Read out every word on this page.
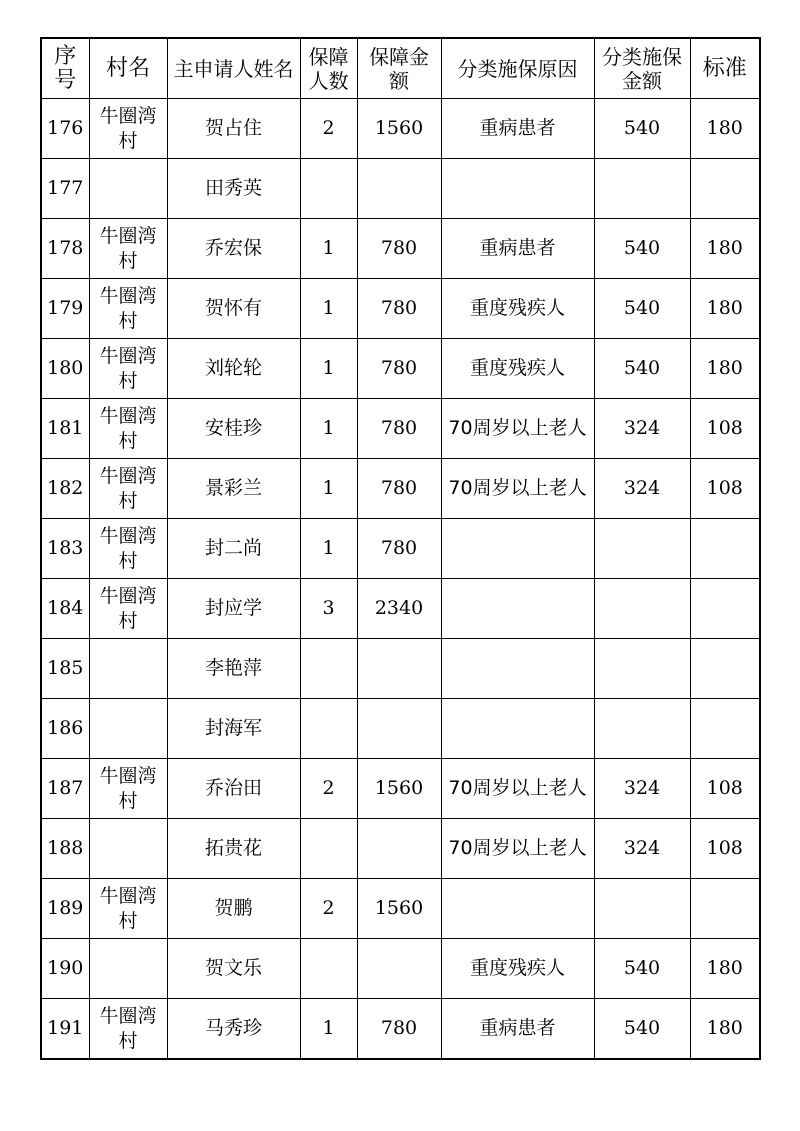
序号	村名	主申请人姓名	保障人数	保障金额	分类施保原因	分类施保金额	标准
176	牛圈湾村	贺占住	2	1560	重病患者	540	180
177		田秀英					
178	牛圈湾村	乔宏保	1	780	重病患者	540	180
179	牛圈湾村	贺怀有	1	780	重度残疾人	540	180
180	牛圈湾村	刘轮轮	1	780	重度残疾人	540	180
181	牛圈湾村	安桂珍	1	780	70周岁以上老人	324	108
182	牛圈湾村	景彩兰	1	780	70周岁以上老人	324	108
183	牛圈湾村	封二尚	1	780			
184	牛圈湾村	封应学	3	2340			
185		李艳萍					
186		封海军					
187	牛圈湾村	乔治田	2	1560	70周岁以上老人	324	108
188		拓贵花			70周岁以上老人	324	108
189	牛圈湾村	贺鹏	2	1560			
190		贺文乐			重度残疾人	540	180
191	牛圈湾村	马秀珍	1	780	重病患者	540	180
